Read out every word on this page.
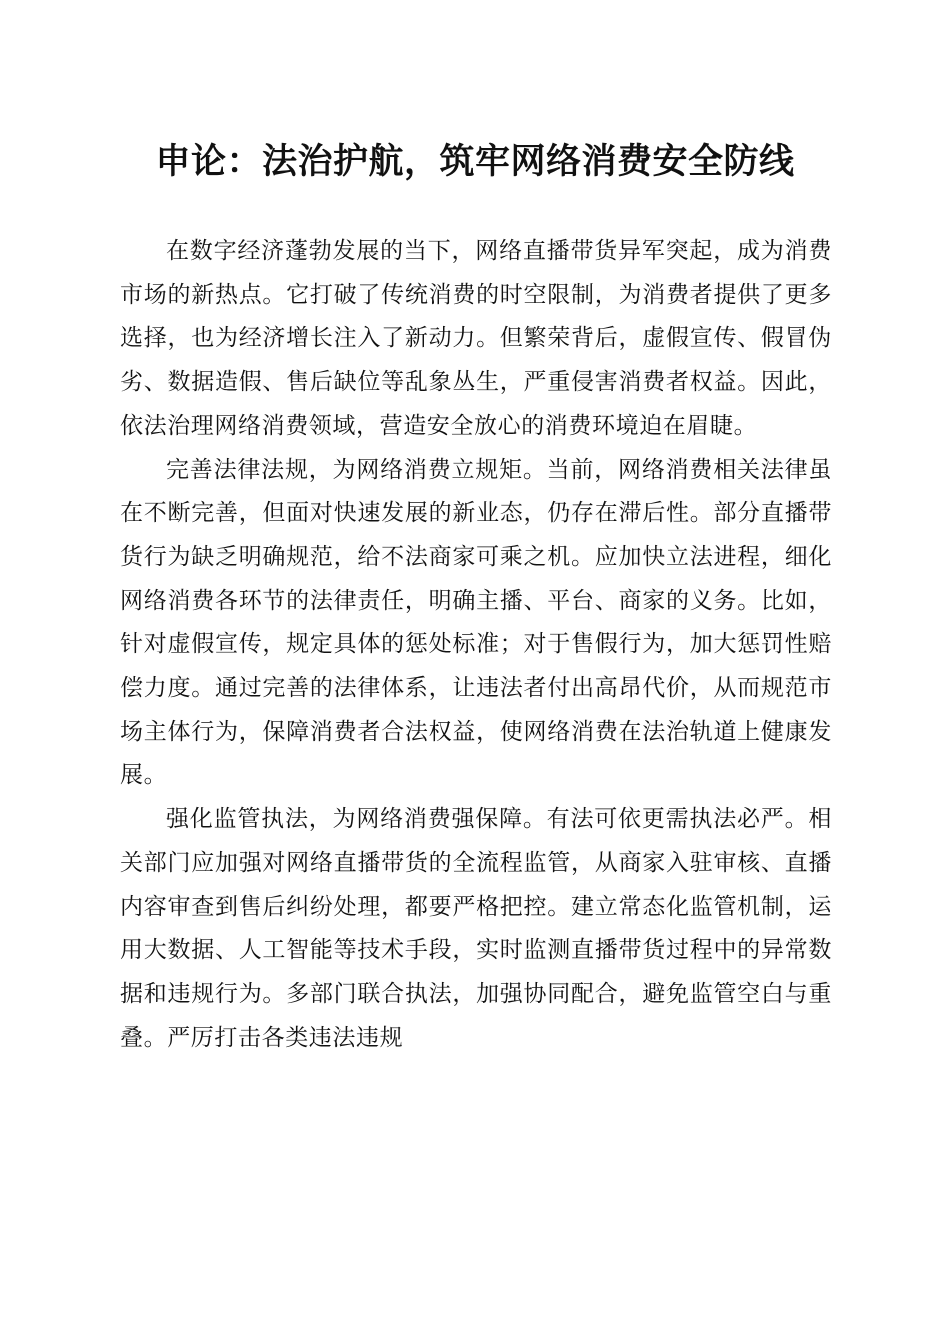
申论：法治护航，筑牢网络消费安全防线

在数字经济蓬勃发展的当下，网络直播带货异军突起，成为消费市场的新热点。它打破了传统消费的时空限制，为消费者提供了更多选择，也为经济增长注入了新动力。但繁荣背后，虚假宣传、假冒伪劣、数据造假、售后缺位等乱象丛生，严重侵害消费者权益。因此，依法治理网络消费领域，营造安全放心的消费环境迫在眉睫。

完善法律法规，为网络消费立规矩。当前，网络消费相关法律虽在不断完善，但面对快速发展的新业态，仍存在滞后性。部分直播带货行为缺乏明确规范，给不法商家可乘之机。应加快立法进程，细化网络消费各环节的法律责任，明确主播、平台、商家的义务。比如，针对虚假宣传，规定具体的惩处标准；对于售假行为，加大惩罚性赔偿力度。通过完善的法律体系，让违法者付出高昂代价，从而规范市场主体行为，保障消费者合法权益，使网络消费在法治轨道上健康发展。

强化监管执法，为网络消费强保障。有法可依更需执法必严。相关部门应加强对网络直播带货的全流程监管，从商家入驻审核、直播内容审查到售后纠纷处理，都要严格把控。建立常态化监管机制，运用大数据、人工智能等技术手段，实时监测直播带货过程中的异常数据和违规行为。多部门联合执法，加强协同配合，避免监管空白与重叠。严厉打击各类违法违规
